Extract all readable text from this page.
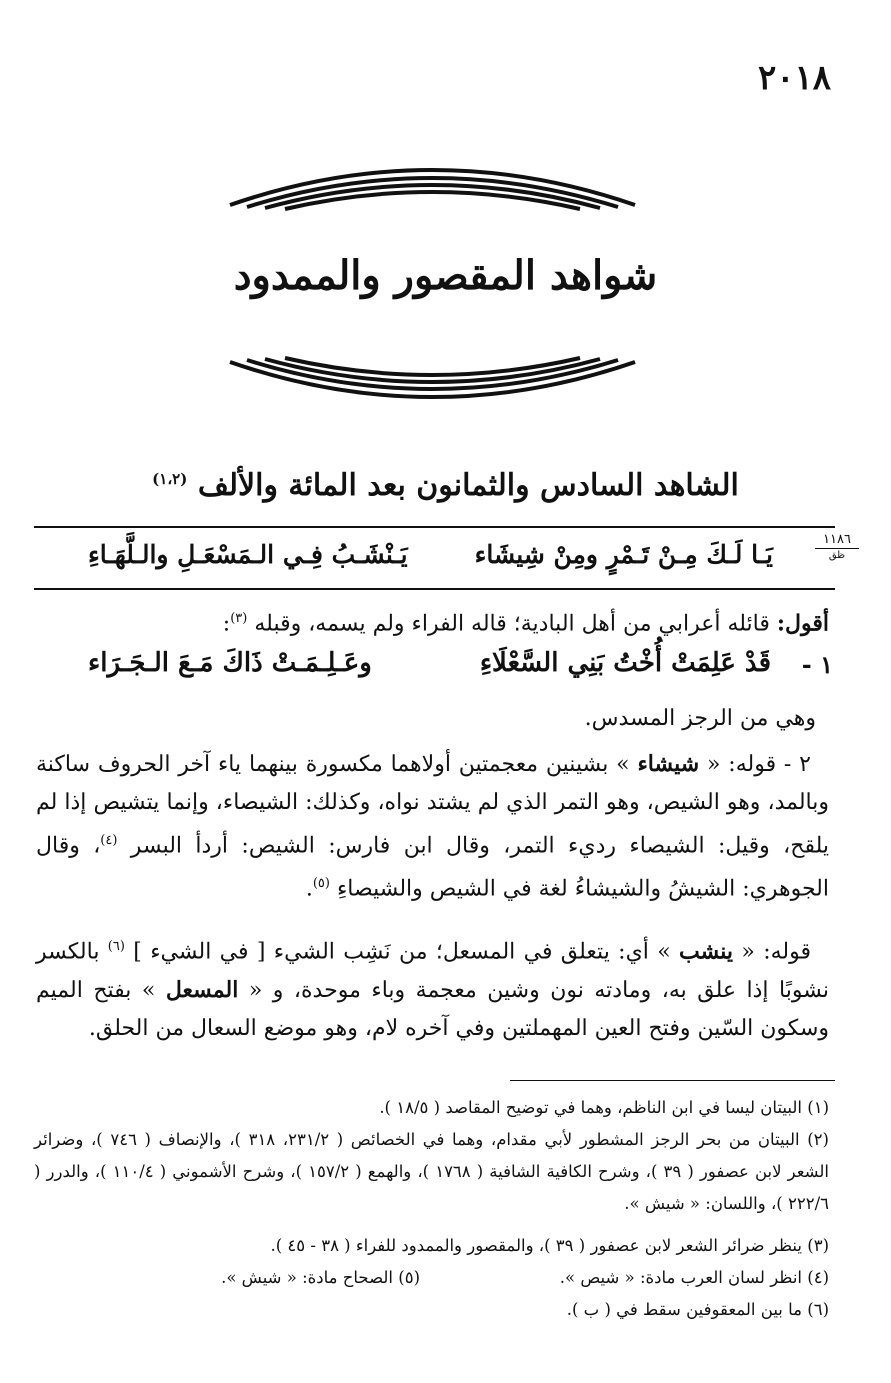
٢٠١٨
شواهد المقصور والممدود
الشاهد السادس والثمانون بعد المائة والألف $^{(١،٢)}$
١١٨٦
ظق
يَـا لَـكَ مِـنْ تَـمْرٍ ومِنْ شِيشَاء
يَـنْشَـبُ فِـي الـمَسْعَـلِ والـلَّهَـاءِ
أقول: قائله أعرابي من أهل البادية؛ قاله الفراء ولم يسمه، وقبله $^{(٣)}$:
١ -
قَدْ عَلِمَتْ أُخْتُ بَنِي السَّعْلَاءِ
وعَـلِـمَـتْ ذَاكَ مَـعَ الـجَـرَاء
وهي من الرجز المسدس.
٢ - قوله: « شيشاء » بشينين معجمتين أولاهما مكسورة بينهما ياء آخر الحروف ساكنة وبالمد، وهو الشيص، وهو التمر الذي لم يشتد نواه، وكذلك: الشيصاء، وإنما يتشيص إذا لم يلقح، وقيل: الشيصاء رديء التمر، وقال ابن فارس: الشيص: أردأ البسر $^{(٤)}$، وقال الجوهري: الشيشُ والشيشاءُ لغة في الشيص والشيصاءِ $^{(٥)}$.
قوله: « ينشب » أي: يتعلق في المسعل؛ من نَشِب الشيء [ في الشيء ] $^{(٦)}$ بالكسر نشوبًا إذا علق به، ومادته نون وشين معجمة وباء موحدة، و « المسعل » بفتح الميم وسكون السّين وفتح العين المهملتين وفي آخره لام، وهو موضع السعال من الحلق.
(١) البيتان ليسا في ابن الناظم، وهما في توضيح المقاصد ( ١٨/٥ ).
(٢) البيتان من بحر الرجز المشطور لأبي مقدام، وهما في الخصائص ( ٢٣١/٢، ٣١٨ )، والإنصاف ( ٧٤٦ )، وضرائر الشعر لابن عصفور ( ٣٩ )، وشرح الكافية الشافية ( ١٧٦٨ )، والهمع ( ١٥٧/٢ )، وشرح الأشموني ( ١١٠/٤ )، والدرر ( ٢٢٢/٦ )، واللسان: « شيش ».
(٣) ينظر ضرائر الشعر لابن عصفور ( ٣٩ )، والمقصور والممدود للفراء ( ٣٨ - ٤٥ ).
(٤) انظر لسان العرب مادة: « شيص ».
(٥) الصحاح مادة: « شيش ».
(٦) ما بين المعقوفين سقط في ( ب ).
